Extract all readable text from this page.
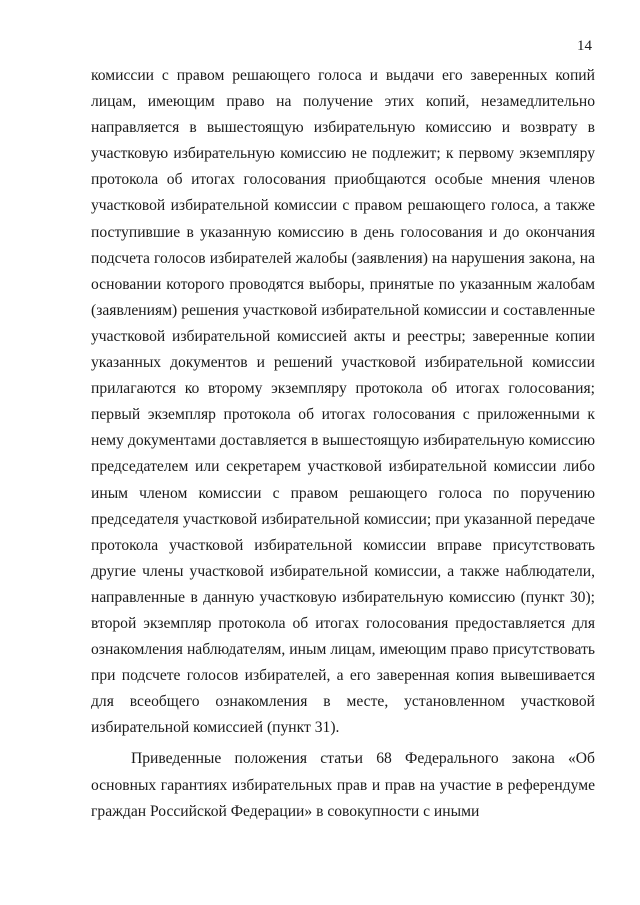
14

комиссии с правом решающего голоса и выдачи его заверенных копий лицам, имеющим право на получение этих копий, незамедлительно направляется в вышестоящую избирательную комиссию и возврату в участковую избирательную комиссию не подлежит; к первому экземпляру протокола об итогах голосования приобщаются особые мнения членов участковой избирательной комиссии с правом решающего голоса, а также поступившие в указанную комиссию в день голосования и до окончания подсчета голосов избирателей жалобы (заявления) на нарушения закона, на основании которого проводятся выборы, принятые по указанным жалобам (заявлениям) решения участковой избирательной комиссии и составленные участковой избирательной комиссией акты и реестры; заверенные копии указанных документов и решений участковой избирательной комиссии прилагаются ко второму экземпляру протокола об итогах голосования; первый экземпляр протокола об итогах голосования с приложенными к нему документами доставляется в вышестоящую избирательную комиссию председателем или секретарем участковой избирательной комиссии либо иным членом комиссии с правом решающего голоса по поручению председателя участковой избирательной комиссии; при указанной передаче протокола участковой избирательной комиссии вправе присутствовать другие члены участковой избирательной комиссии, а также наблюдатели, направленные в данную участковую избирательную комиссию (пункт 30); второй экземпляр протокола об итогах голосования предоставляется для ознакомления наблюдателям, иным лицам, имеющим право присутствовать при подсчете голосов избирателей, а его заверенная копия вывешивается для всеобщего ознакомления в месте, установленном участковой избирательной комиссией (пункт 31).

Приведенные положения статьи 68 Федерального закона «Об основных гарантиях избирательных прав и прав на участие в референдуме граждан Российской Федерации» в совокупности с иными
